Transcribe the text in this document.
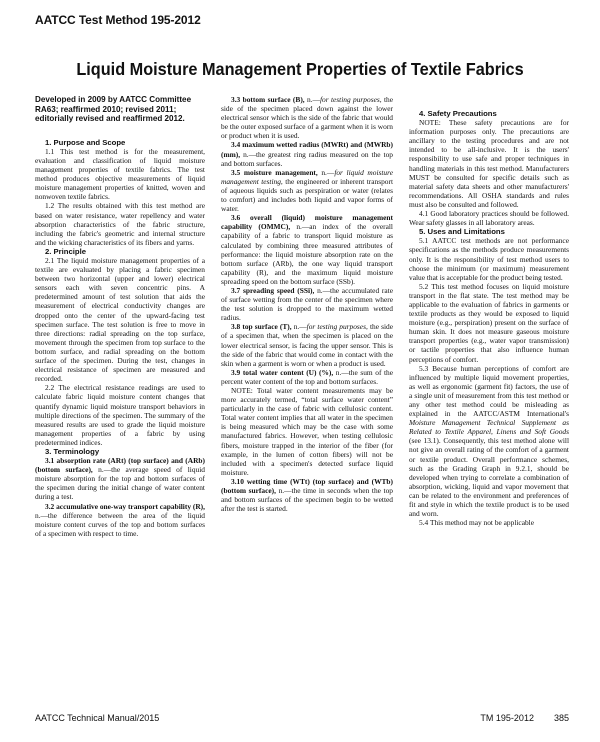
AATCC Test Method 195-2012
Liquid Moisture Management Properties of Textile Fabrics

Developed in 2009 by AATCC Committee RA63; reaffirmed 2010; revised 2011; editorially revised and reaffirmed 2012.

1. Purpose and Scope

1.1 This test method is for the measurement, evaluation and classification of liquid moisture management properties of textile fabrics. The test method produces objective measurements of liquid moisture management properties of knitted, woven and nonwoven textile fabrics.

1.2 The results obtained with this test method are based on water resistance, water repellency and water absorption characteristics of the fabric structure, including the fabric's geometric and internal structure and the wicking characteristics of its fibers and yarns.

2. Principle

2.1 The liquid moisture management properties of a textile are evaluated by placing a fabric specimen between two horizontal (upper and lower) electrical sensors each with seven concentric pins. A predetermined amount of test solution that aids the measurement of electrical conductivity changes are dropped onto the center of the upward-facing test specimen surface. The test solution is free to move in three directions: radial spreading on the top surface, movement through the specimen from top surface to the bottom surface, and radial spreading on the bottom surface of the specimen. During the test, changes in electrical resistance of specimen are measured and recorded.

2.2 The electrical resistance readings are used to calculate fabric liquid moisture content changes that quantify dynamic liquid moisture transport behaviors in multiple directions of the specimen. The summary of the measured results are used to grade the liquid moisture management properties of a fabric by using predetermined indices.

3. Terminology

3.1 absorption rate (ARt) (top surface) and (ARb) (bottom surface), n.—the average speed of liquid moisture absorption for the top and bottom surfaces of the specimen during the initial change of water content during a test.

3.2 accumulative one-way transport capability (R), n.—the difference between the area of the liquid moisture content curves of the top and bottom surfaces of a specimen with respect to time.

3.3 bottom surface (B), n.—for testing purposes, the side of the specimen placed down against the lower electrical sensor which is the side of the fabric that would be the outer exposed surface of a garment when it is worn or product when it is used.

3.4 maximum wetted radius (MWRt) and (MWRb) (mm), n.—the greatest ring radius measured on the top and bottom surfaces.

3.5 moisture management, n.—for liquid moisture management testing, the engineered or inherent transport of aqueous liquids such as perspiration or water (relates to comfort) and includes both liquid and vapor forms of water.

3.6 overall (liquid) moisture management capability (OMMC), n.—an index of the overall capability of a fabric to transport liquid moisture as calculated by combining three measured attributes of performance: the liquid moisture absorption rate on the bottom surface (ARb), the one way liquid transport capability (R), and the maximum liquid moisture spreading speed on the bottom surface (SSb).

3.7 spreading speed (SSi), n.—the accumulated rate of surface wetting from the center of the specimen where the test solution is dropped to the maximum wetted radius.

3.8 top surface (T), n.—for testing purposes, the side of a specimen that, when the specimen is placed on the lower electrical sensor, is facing the upper sensor. This is the side of the fabric that would come in contact with the skin when a garment is worn or when a product is used.

3.9 total water content (U) (%), n.—the sum of the percent water content of the top and bottom surfaces.

NOTE: Total water content measurements may be more accurately termed, “total surface water content” particularly in the case of fabric with cellulosic content. Total water content implies that all water in the specimen is being measured which may be the case with some manufactured fabrics. However, when testing cellulosic fibers, moisture trapped in the interior of the fiber (for example, in the lumen of cotton fibers) will not be included with a specimen's detected surface liquid moisture.

3.10 wetting time (WTt) (top surface) and (WTb) (bottom surface), n.—the time in seconds when the top and bottom surfaces of the specimen begin to be wetted after the test is started.

4. Safety Precautions

NOTE: These safety precautions are for information purposes only. The precautions are ancillary to the testing procedures and are not intended to be all-inclusive. It is the users' responsibility to use safe and proper techniques in handling materials in this test method. Manufacturers MUST be consulted for specific details such as material safety data sheets and other manufacturers' recommendations. All OSHA standards and rules must also be consulted and followed.

4.1 Good laboratory practices should be followed. Wear safety glasses in all laboratory areas.

5. Uses and Limitations

5.1 AATCC test methods are not performance specifications as the methods produce measurements only. It is the responsibility of test method users to choose the minimum (or maximum) measurement value that is acceptable for the product being tested.

5.2 This test method focuses on liquid moisture transport in the flat state. The test method may be applicable to the evaluation of fabrics in garments or textile products as they would be exposed to liquid moisture (e.g., perspiration) present on the surface of human skin. It does not measure gaseous moisture transport properties (e.g., water vapor transmission) or tactile properties that also influence human perceptions of comfort.

5.3 Because human perceptions of comfort are influenced by multiple liquid movement properties, as well as ergonomic (garment fit) factors, the use of a single unit of measurement from this test method or any other test method could be misleading as explained in the AATCC/ASTM International's Moisture Management Technical Supplement as Related to Textile Apparel, Linens and Soft Goods (see 13.1). Consequently, this test method alone will not give an overall rating of the comfort of a garment or textile product. Overall performance schemes, such as the Grading Graph in 9.2.1, should be developed when trying to correlate a combination of absorption, wicking, liquid and vapor movement that can be related to the environment and preferences of fit and style in which the textile product is to be used and worn.

5.4 This method may not be applicable

AATCC Technical Manual/2015	TM 195-2012 385
